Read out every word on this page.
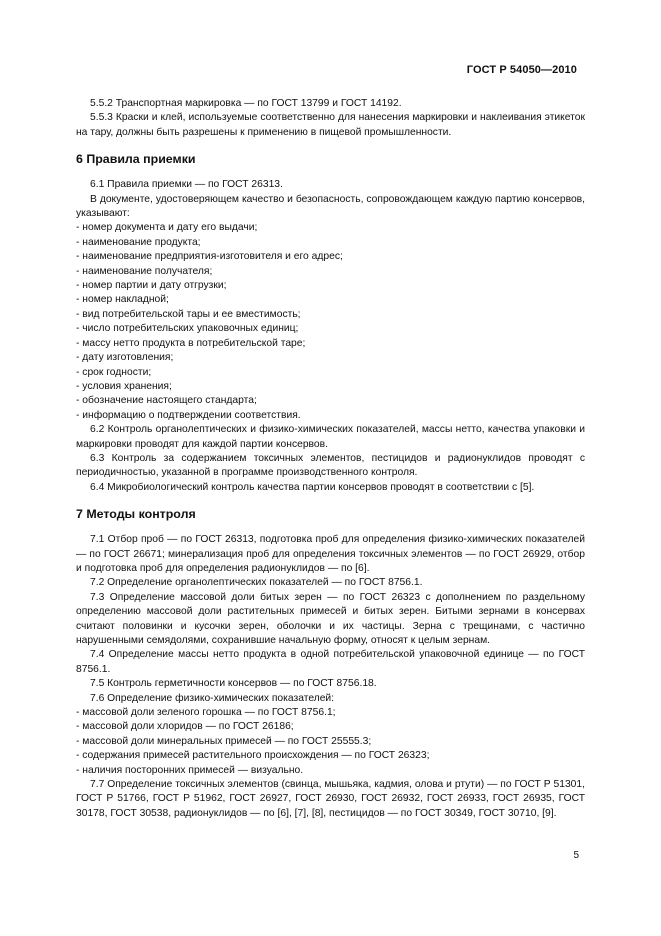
ГОСТ Р 54050—2010

5.5.2 Транспортная маркировка — по ГОСТ 13799 и ГОСТ 14192.

5.5.3 Краски и клей, используемые соответственно для нанесения маркировки и наклеивания этикеток на тару, должны быть разрешены к применению в пищевой промышленности.

6 Правила приемки

6.1 Правила приемки — по ГОСТ 26313.

В документе, удостоверяющем качество и безопасность, сопровождающем каждую партию консервов, указывают:

- номер документа и дату его выдачи;

- наименование продукта;

- наименование предприятия-изготовителя и его адрес;

- наименование получателя;

- номер партии и дату отгрузки;

- номер накладной;

- вид потребительской тары и ее вместимость;

- число потребительских упаковочных единиц;

- массу нетто продукта в потребительской таре;

- дату изготовления;

- срок годности;

- условия хранения;

- обозначение настоящего стандарта;

- информацию о подтверждении соответствия.

6.2 Контроль органолептических и физико-химических показателей, массы нетто, качества упаковки и маркировки проводят для каждой партии консервов.

6.3 Контроль за содержанием токсичных элементов, пестицидов и радионуклидов проводят с периодичностью, указанной в программе производственного контроля.

6.4 Микробиологический контроль качества партии консервов проводят в соответствии с [5].

7 Методы контроля

7.1 Отбор проб — по ГОСТ 26313, подготовка проб для определения физико-химических показателей — по ГОСТ 26671; минерализация проб для определения токсичных элементов — по ГОСТ 26929, отбор и подготовка проб для определения радионуклидов — по [6].

7.2 Определение органолептических показателей — по ГОСТ 8756.1.

7.3 Определение массовой доли битых зерен — по ГОСТ 26323 с дополнением по раздельному определению массовой доли растительных примесей и битых зерен. Битыми зернами в консервах считают половинки и кусочки зерен, оболочки и их частицы. Зерна с трещинами, с частично нарушенными семядолями, сохранившие начальную форму, относят к целым зернам.

7.4 Определение массы нетто продукта в одной потребительской упаковочной единице — по ГОСТ 8756.1.

7.5 Контроль герметичности консервов — по ГОСТ 8756.18.

7.6 Определение физико-химических показателей:

- массовой доли зеленого горошка — по ГОСТ 8756.1;

- массовой доли хлоридов — по ГОСТ 26186;

- массовой доли минеральных примесей — по ГОСТ 25555.3;

- содержания примесей растительного происхождения — по ГОСТ 26323;

- наличия посторонних примесей — визуально.

7.7 Определение токсичных элементов (свинца, мышьяка, кадмия, олова и ртути) — по ГОСТ Р 51301, ГОСТ Р 51766, ГОСТ Р 51962, ГОСТ 26927, ГОСТ 26930, ГОСТ 26932, ГОСТ 26933, ГОСТ 26935, ГОСТ 30178, ГОСТ 30538, радионуклидов — по [6], [7], [8], пестицидов — по ГОСТ 30349, ГОСТ 30710, [9].

5
